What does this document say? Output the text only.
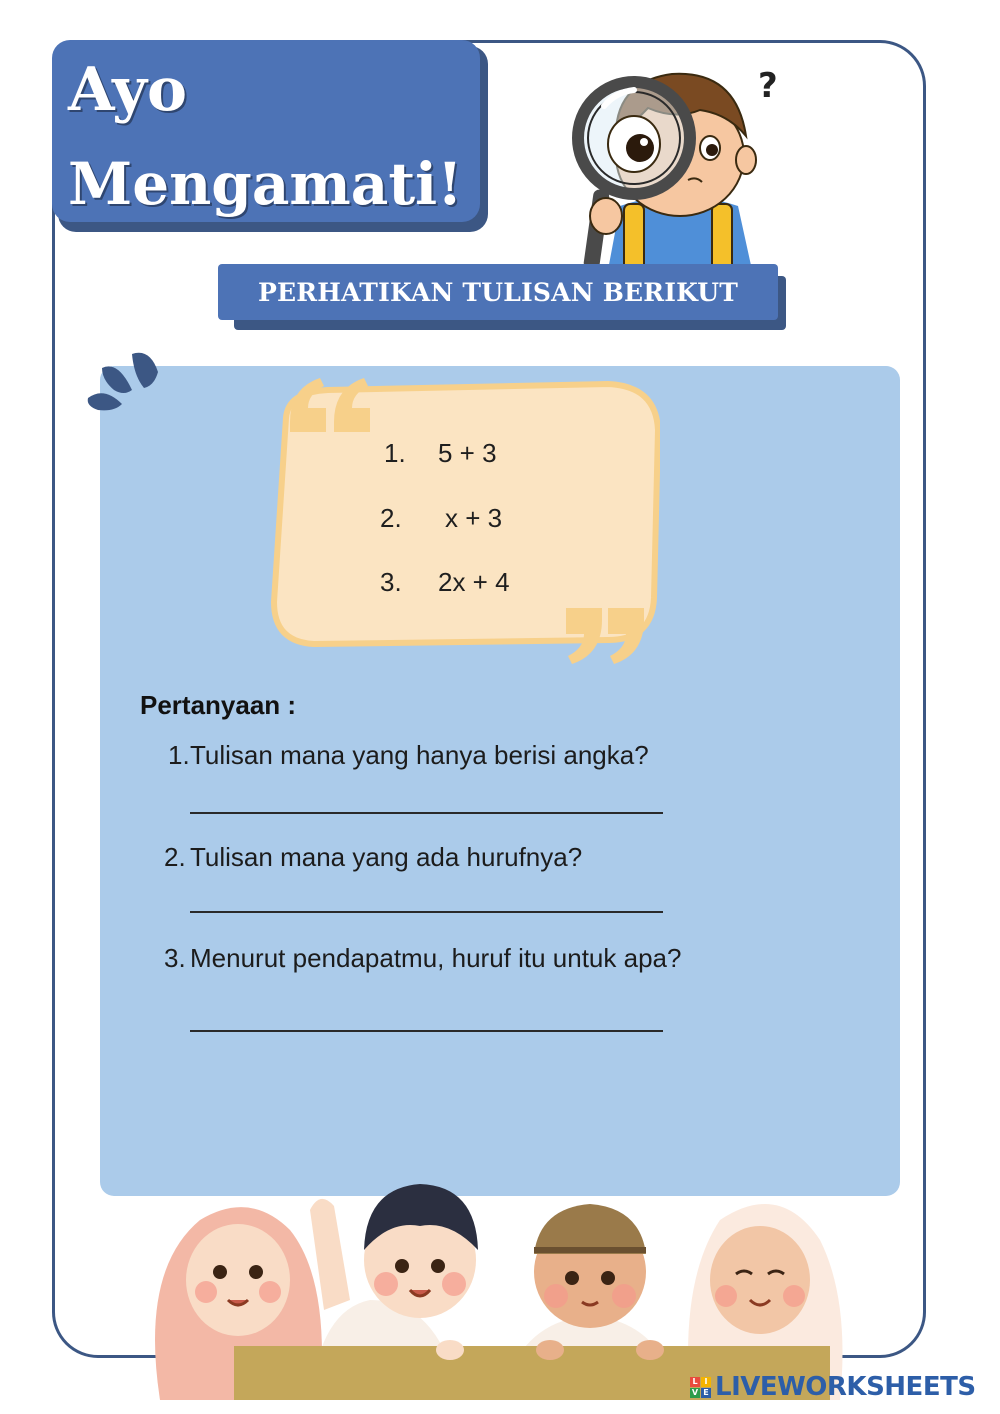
Ayo
Mengamati!
?
PERHATIKAN TULISAN BERIKUT
1. 5 + 3
2. x + 3
3. 2x + 4
Pertanyaan :
1. Tulisan mana yang hanya berisi angka?
2. Tulisan mana yang ada hurufnya?
3. Menurut pendapatmu, huruf itu untuk apa?
L I
V E LIVEWORKSHEETS
